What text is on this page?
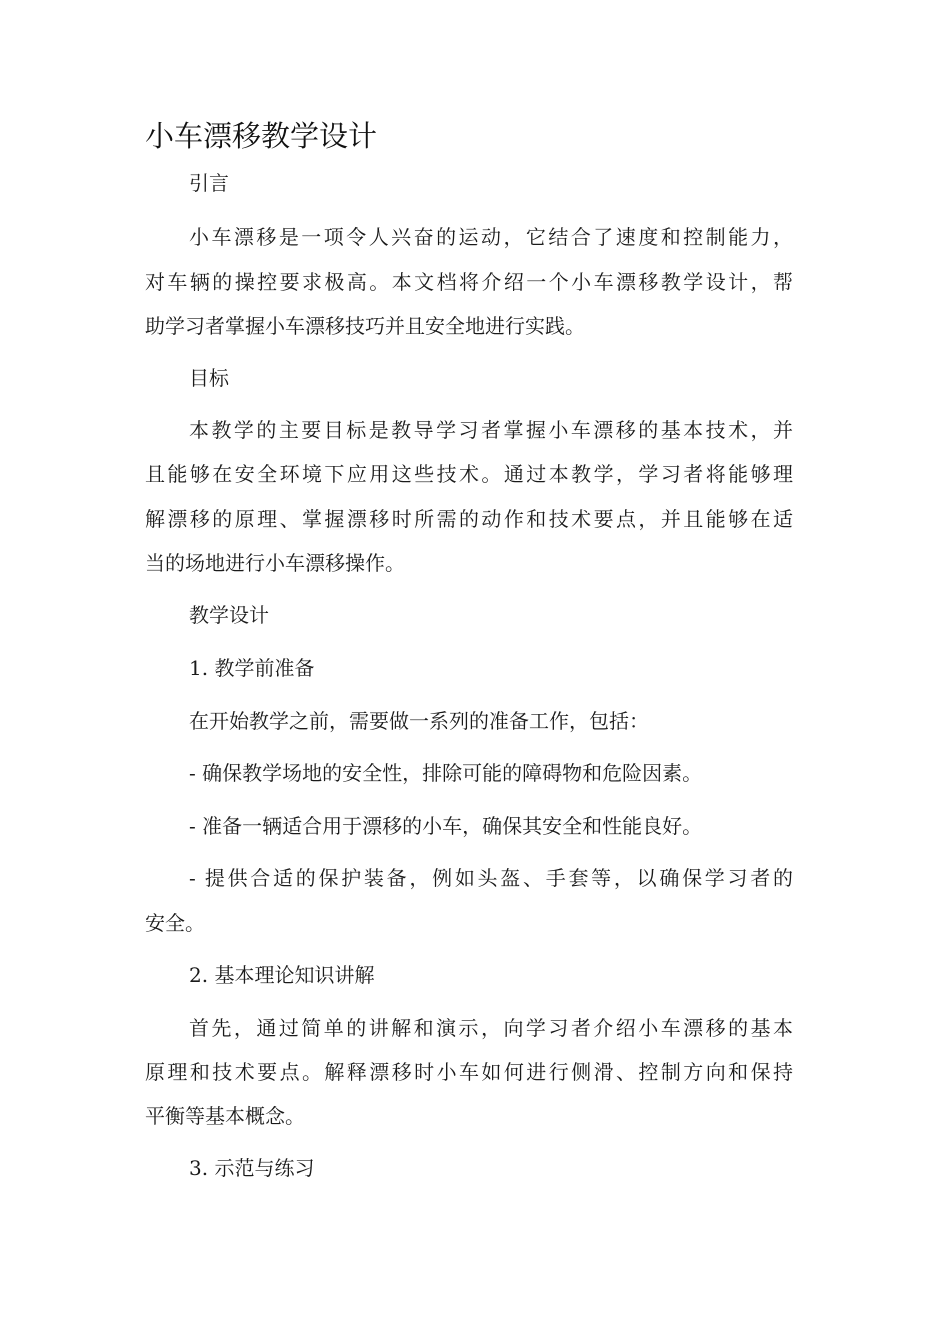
小车漂移教学设计

引言

小车漂移是一项令人兴奋的运动，它结合了速度和控制能力，

对车辆的操控要求极高。本文档将介绍一个小车漂移教学设计，帮

助学习者掌握小车漂移技巧并且安全地进行实践。

目标

本教学的主要目标是教导学习者掌握小车漂移的基本技术，并

且能够在安全环境下应用这些技术。通过本教学，学习者将能够理

解漂移的原理、掌握漂移时所需的动作和技术要点，并且能够在适

当的场地进行小车漂移操作。

教学设计

1. 教学前准备

在开始教学之前，需要做一系列的准备工作，包括：

- 确保教学场地的安全性，排除可能的障碍物和危险因素。

- 准备一辆适合用于漂移的小车，确保其安全和性能良好。

- 提供合适的保护装备，例如头盔、手套等，以确保学习者的

安全。

2. 基本理论知识讲解

首先，通过简单的讲解和演示，向学习者介绍小车漂移的基本

原理和技术要点。解释漂移时小车如何进行侧滑、控制方向和保持

平衡等基本概念。

3. 示范与练习
